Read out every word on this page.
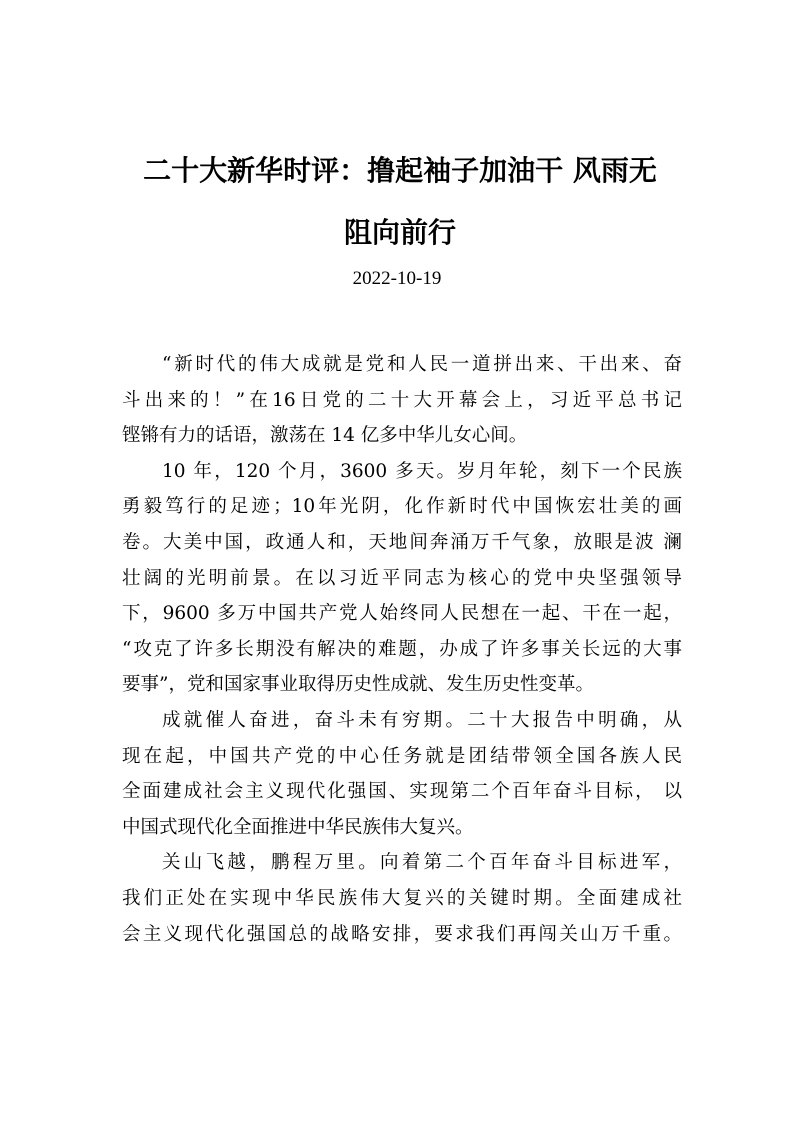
二十大新华时评：撸起袖子加油干 风雨无
阻向前行
2022-10-19
“新时代的伟大成就是党和人民一道拼出来、干出来、奋
斗出来的！”在16日党的二十大开幕会上，习近平总书记
铿锵有力的话语，激荡在 14 亿多中华儿女心间。
10 年，120 个月，3600 多天。岁月年轮，刻下一个民族
勇毅笃行的足迹；10年光阴，化作新时代中国恢宏壮美的画
卷。大美中国，政通人和，天地间奔涌万千气象，放眼是波 澜
壮阔的光明前景。在以习近平同志为核心的党中央坚强领导
下，9600 多万中国共产党人始终同人民想在一起、干在一起，
“攻克了许多长期没有解决的难题，办成了许多事关长远的大事
要事”，党和国家事业取得历史性成就、发生历史性变革。
成就催人奋进，奋斗未有穷期。二十大报告中明确，从
现在起，中国共产党的中心任务就是团结带领全国各族人民
全面建成社会主义现代化强国、实现第二个百年奋斗目标， 以
中国式现代化全面推进中华民族伟大复兴。
关山飞越，鹏程万里。向着第二个百年奋斗目标进军，
我们正处在实现中华民族伟大复兴的关键时期。全面建成社
会主义现代化强国总的战略安排，要求我们再闯关山万千重。
